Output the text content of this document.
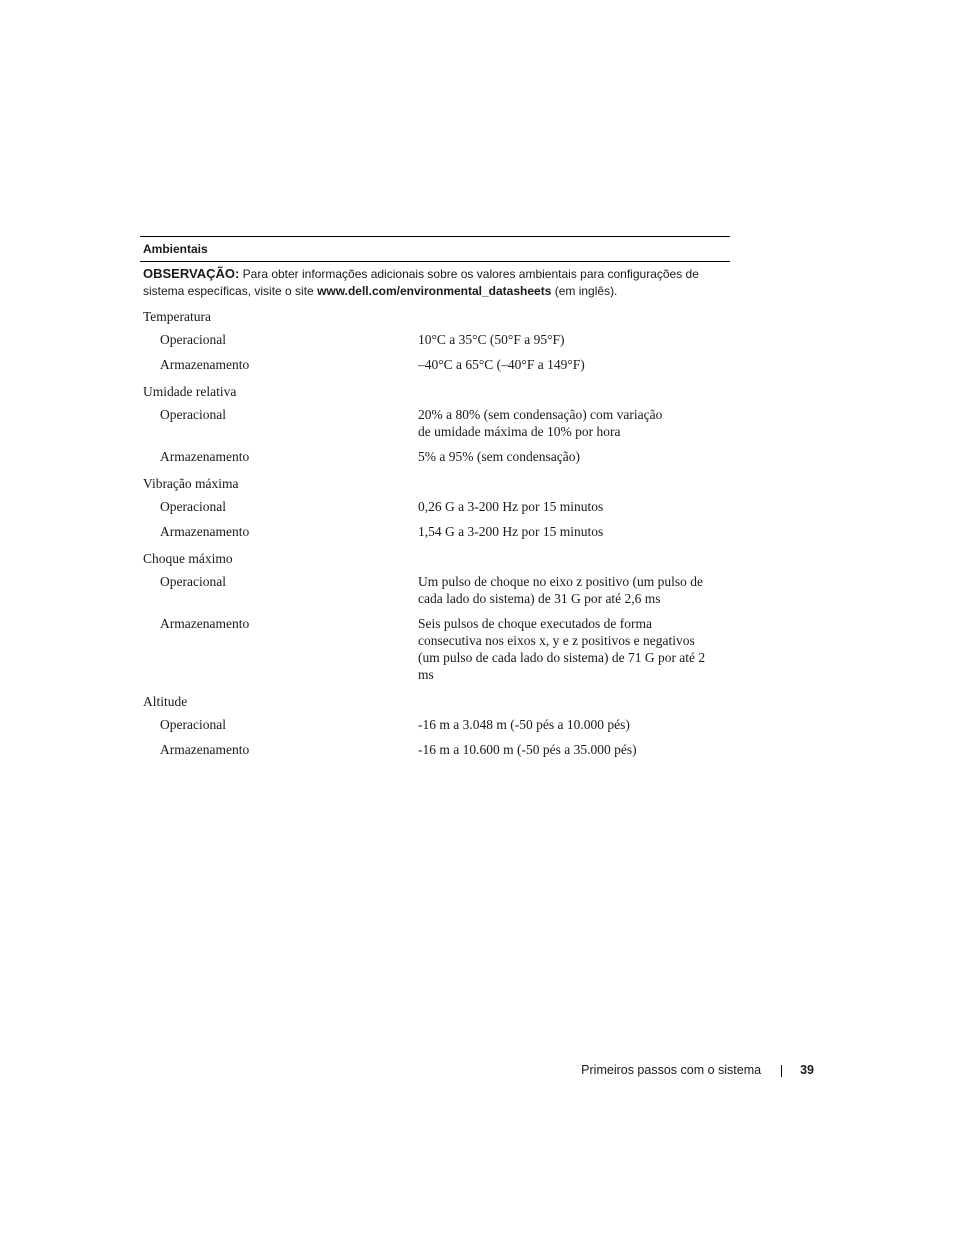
Ambientais
OBSERVAÇÃO: Para obter informações adicionais sobre os valores ambientais para configurações de sistema específicas, visite o site www.dell.com/environmental_datasheets (em inglês).
Temperatura
Operacional	10°C a 35°C (50°F a 95°F)
Armazenamento	–40°C a 65°C (–40°F a 149°F)
Umidade relativa
Operacional	20% a 80% (sem condensação) com variação de umidade máxima de 10% por hora
Armazenamento	5% a 95% (sem condensação)
Vibração máxima
Operacional	0,26 G a 3-200 Hz por 15 minutos
Armazenamento	1,54 G a 3-200 Hz por 15 minutos
Choque máximo
Operacional	Um pulso de choque no eixo z positivo (um pulso de cada lado do sistema) de 31 G por até 2,6 ms
Armazenamento	Seis pulsos de choque executados de forma consecutiva nos eixos x, y e z positivos e negativos (um pulso de cada lado do sistema) de 71 G por até 2 ms
Altitude
Operacional	-16 m a 3.048 m (-50 pés a 10.000 pés)
Armazenamento	-16 m a 10.600 m (-50 pés a 35.000 pés)
Primeiros passos com o sistema	39
